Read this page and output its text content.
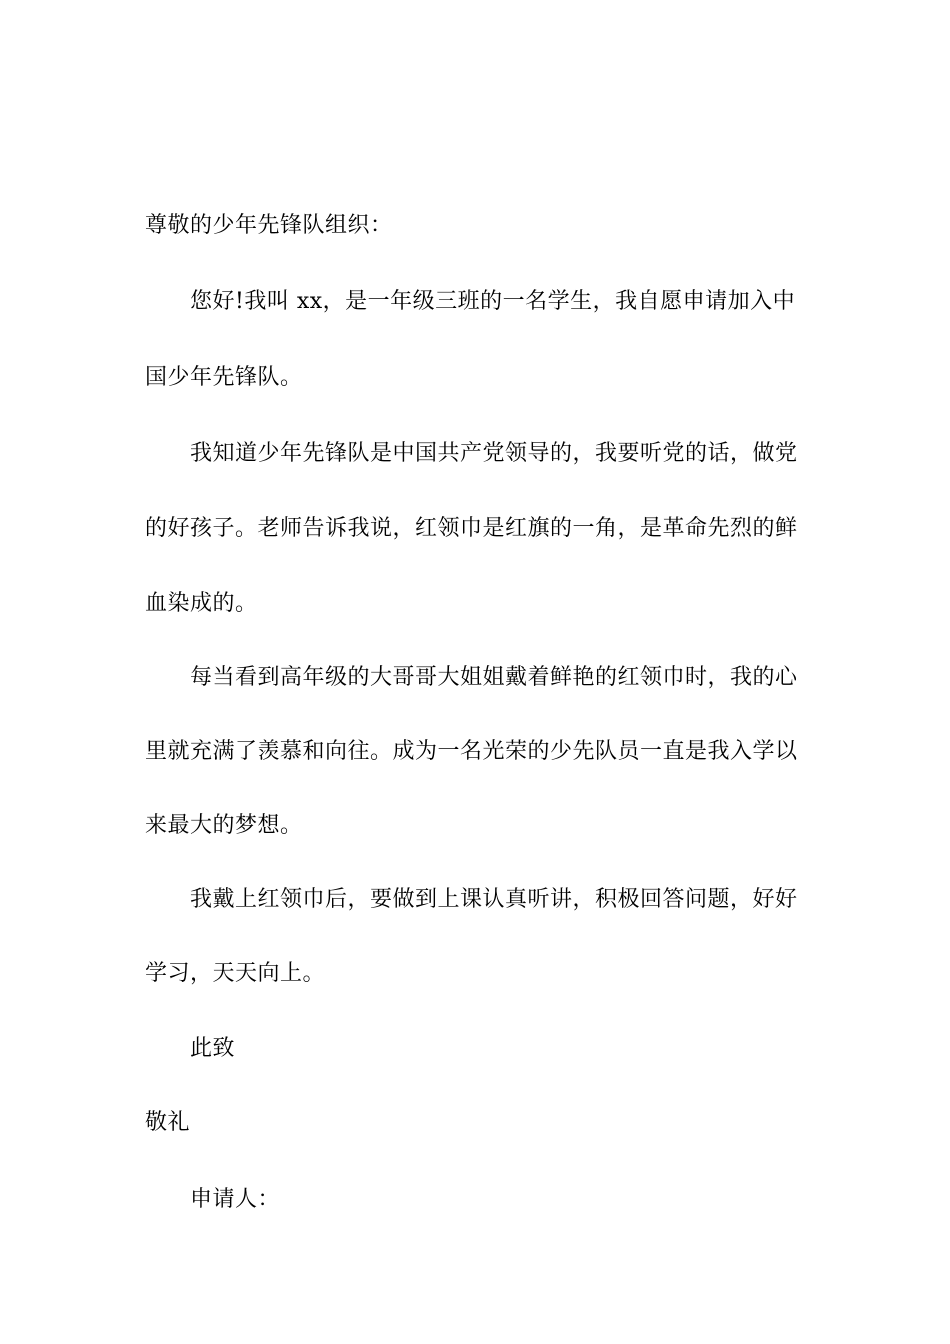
尊敬的少年先锋队组织：
您好!我叫 xx，是一年级三班的一名学生，我自愿申请加入中
国少年先锋队。
我知道少年先锋队是中国共产党领导的，我要听党的话，做党
的好孩子。老师告诉我说，红领巾是红旗的一角，是革命先烈的鲜
血染成的。
每当看到高年级的大哥哥大姐姐戴着鲜艳的红领巾时，我的心
里就充满了羡慕和向往。成为一名光荣的少先队员一直是我入学以
来最大的梦想。
我戴上红领巾后，要做到上课认真听讲，积极回答问题，好好
学习，天天向上。
此致
敬礼
申请人：
